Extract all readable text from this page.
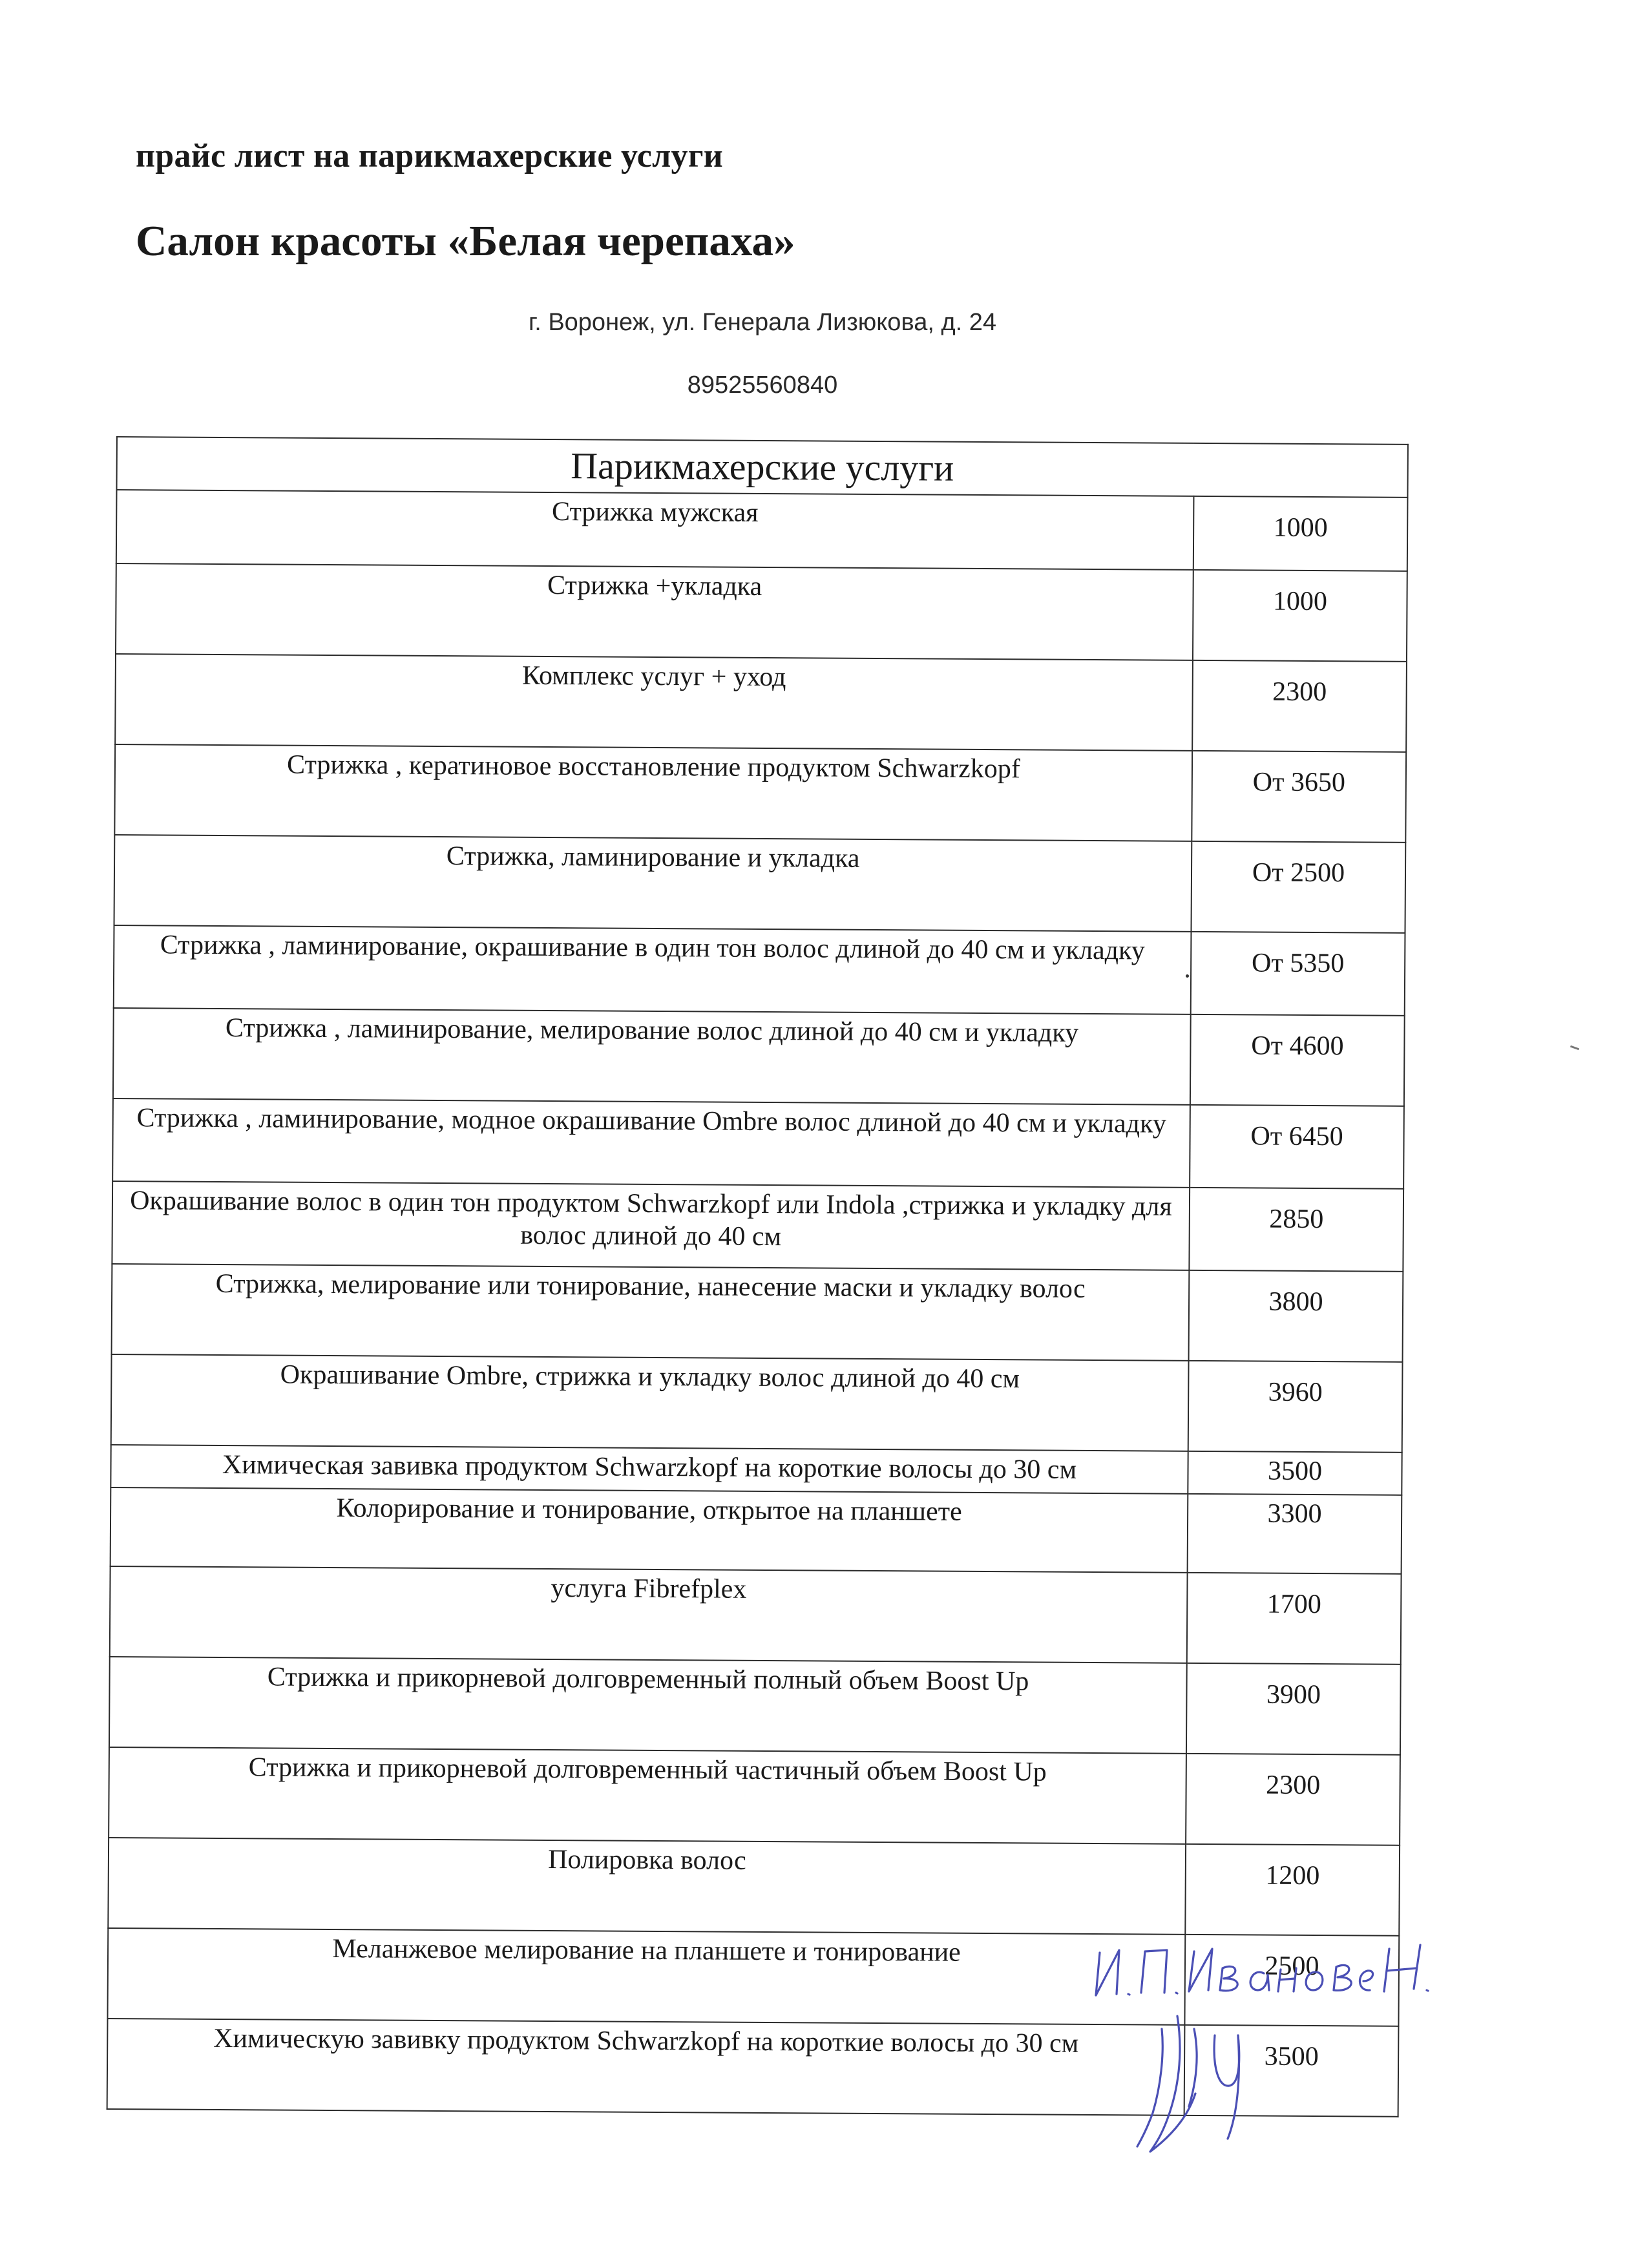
прайс лист на парикмахерские услуги
Салон красоты «Белая черепаха»
г. Воронеж, ул. Генерала Лизюкова, д. 24
89525560840
Парикмахерские услуги	
Стрижка мужская	1000
Стрижка +укладка	1000
Комплекс услуг + уход	2300
Стрижка , кератиновое восстановление продуктом Schwarzkopf	От 3650
Стрижка, ламинирование и укладка	От 2500
Стрижка , ламинирование, окрашивание в один тон волос длиной до 40 см и укладку	От 5350
Стрижка , ламинирование, мелирование волос длиной до 40 см и укладку	От 4600
Стрижка , ламинирование, модное окрашивание Ombre волос длиной до 40 см и укладку	От 6450
Окрашивание волос в один тон продуктом Schwarzkopf или Indola ,стрижка и укладку для волос длиной до 40 см	2850
Стрижка, мелирование или тонирование, нанесение маски и укладку волос	3800
Окрашивание Ombre, стрижка и укладку волос длиной до 40 см	3960
Химическая завивка продуктом Schwarzkopf на короткие волосы до 30 см	3500
Колорирование и тонирование, открытое на планшете	3300
услуга Fibrefplex	1700
Стрижка и прикорневой долговременный полный объем Boost Up	3900
Стрижка и прикорневой долговременный частичный объем Boost Up	2300
Полировка волос	1200
Меланжевое мелирование на планшете и тонирование	2500
Химическую завивку продуктом Schwarzkopf на короткие волосы до 30 см	3500
И.П. Иванова Н.
